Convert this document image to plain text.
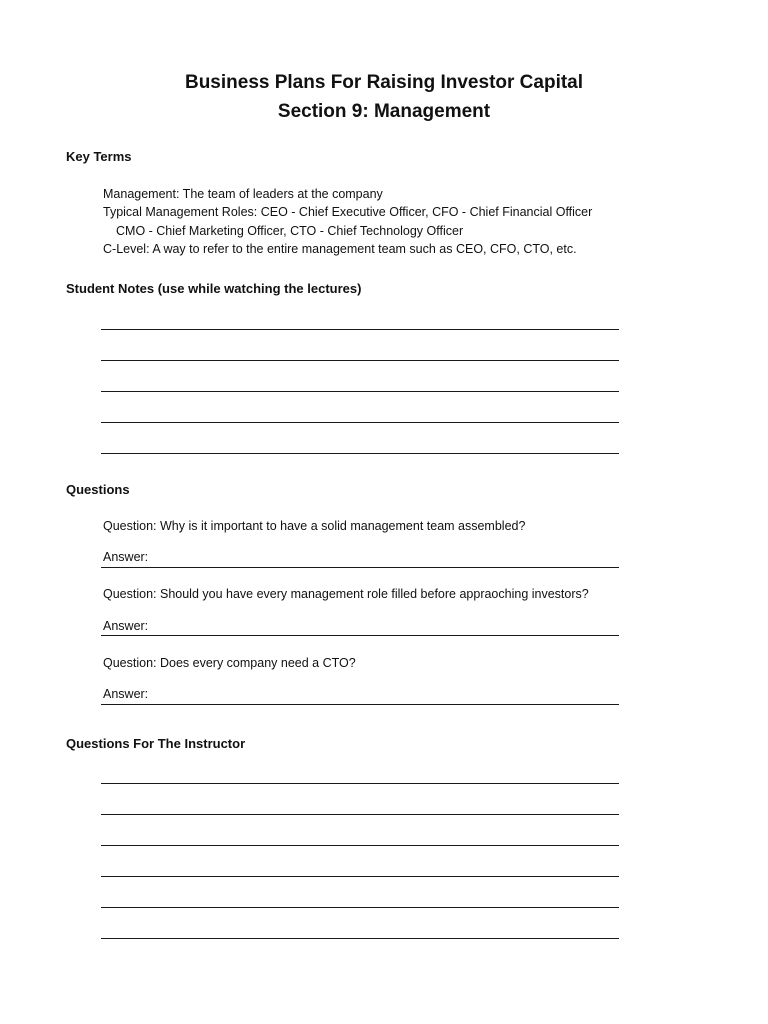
Business Plans For Raising Investor Capital
Section 9: Management
Key Terms
Management: The team of leaders at the company
Typical Management Roles: CEO - Chief Executive Officer, CFO - Chief Financial Officer
CMO - Chief Marketing Officer, CTO - Chief Technology Officer
C-Level: A way to refer to the entire management team such as CEO, CFO, CTO, etc.
Student Notes (use while watching the lectures)
Questions
Question: Why is it important to have a solid management team assembled?
Answer:
Question: Should you have every management role filled before appraoching investors?
Answer:
Question: Does every company need a CTO?
Answer:
Questions For The Instructor
